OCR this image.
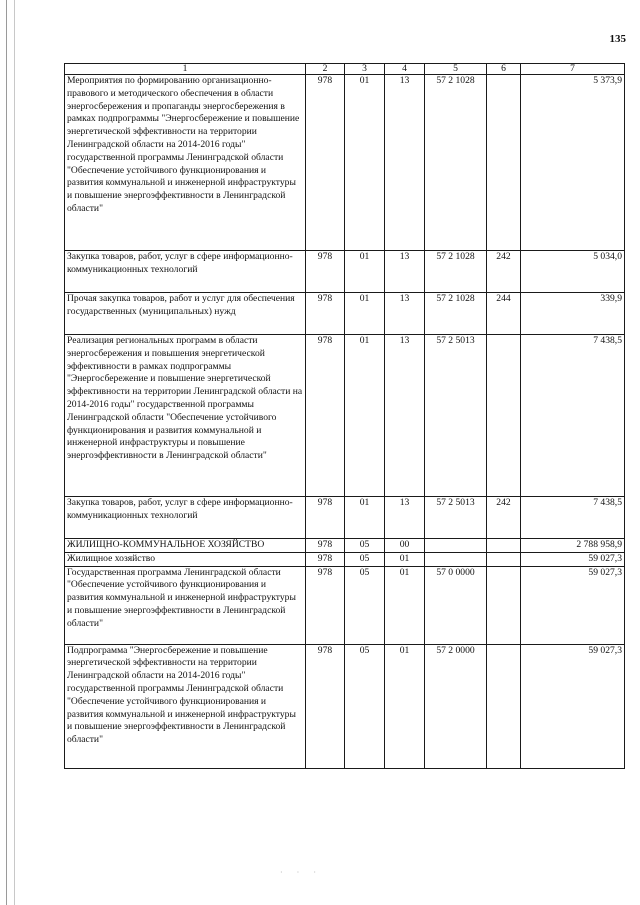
135
1	2	3	4	5	6	7
Мероприятия по формированию организационно-правового и методического обеспечения в области энергосбережения и пропаганды энергосбережения в рамках подпрограммы "Энергосбережение и повышение энергетической эффективности на территории Ленинградской области на 2014-2016 годы" государственной программы Ленинградской области "Обеспечение устойчивого функционирования и развития коммунальной и инженерной инфраструктуры и повышение энергоэффективности в Ленинградской области"	978	01	13	57 2 1028		5 373,9
Закупка товаров, работ, услуг в сфере информационно-коммуникационных технологий	978	01	13	57 2 1028	242	5 034,0
Прочая закупка товаров, работ и услуг для обеспечения государственных (муниципальных) нужд	978	01	13	57 2 1028	244	339,9
Реализация региональных программ в области энергосбережения и повышения энергетической эффективности в рамках подпрограммы "Энергосбережение и повышение энергетической эффективности на территории Ленинградской области на 2014-2016 годы" государственной программы Ленинградской области "Обеспечение устойчивого функционирования и развития коммунальной и инженерной инфраструктуры и повышение энергоэффективности в Ленинградской области"	978	01	13	57 2 5013		7 438,5
Закупка товаров, работ, услуг в сфере информационно-коммуникационных технологий	978	01	13	57 2 5013	242	7 438,5
ЖИЛИЩНО-КОММУНАЛЬНОЕ ХОЗЯЙСТВО	978	05	00			2 788 958,9
Жилищное хозяйство	978	05	01			59 027,3
Государственная программа Ленинградской области "Обеспечение устойчивого функционирования и развития коммунальной и инженерной инфраструктуры и повышение энергоэффективности в Ленинградской области"	978	05	01	57 0 0000		59 027,3
Подпрограмма "Энергосбережение и повышение энергетической эффективности на территории Ленинградской области на 2014-2016 годы" государственной программы Ленинградской области "Обеспечение устойчивого функционирования и развития коммунальной и инженерной инфраструктуры и повышение энергоэффективности в Ленинградской области"	978	05	01	57 2 0000		59 027,3
· · ·
